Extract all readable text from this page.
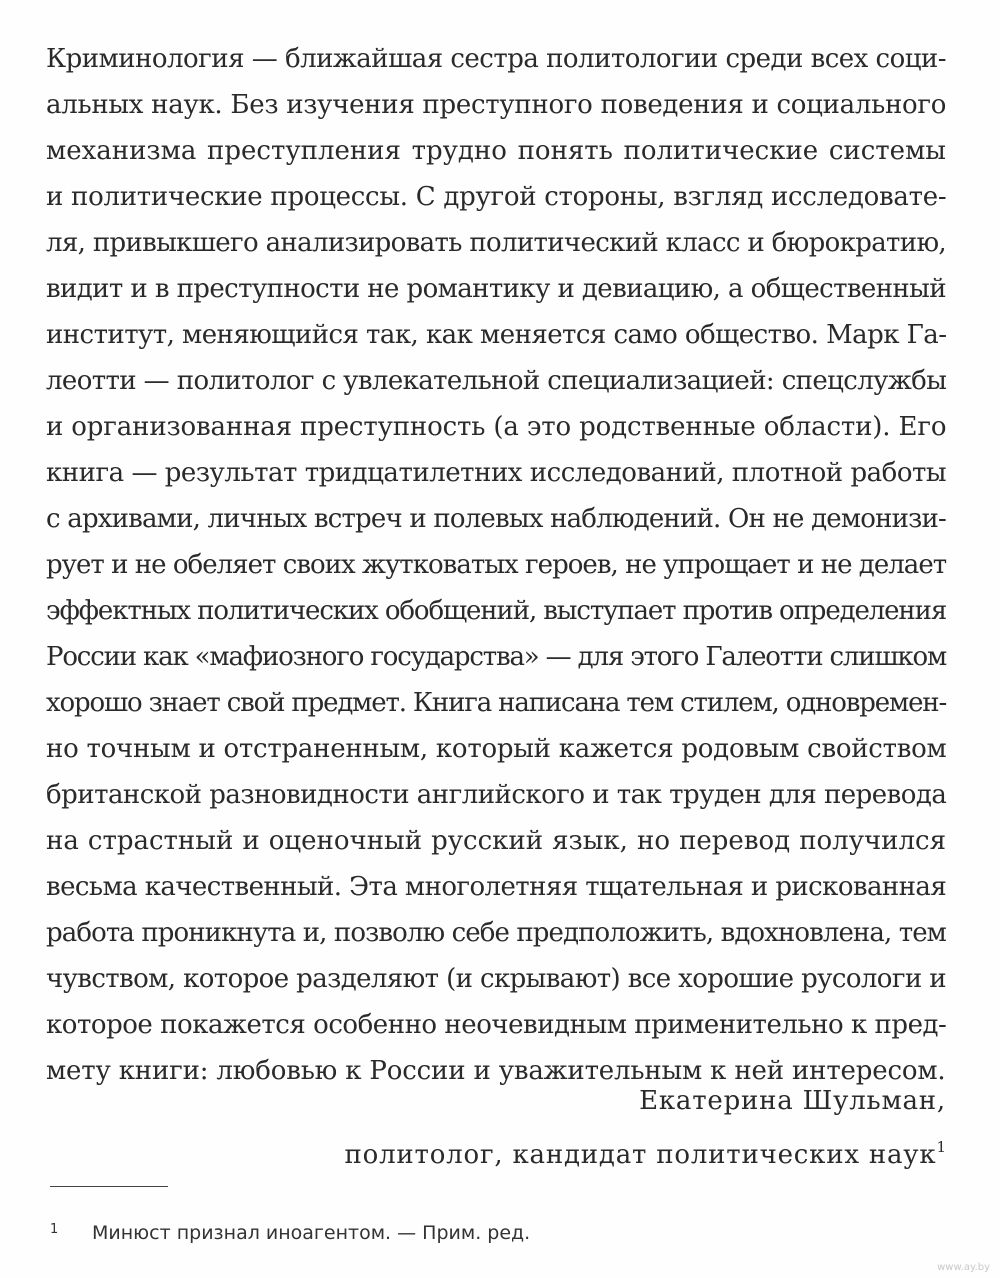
Криминология — ближайшая сестра политологии среди всех соци-
альных наук. Без изучения преступного поведения и социального
механизма преступления трудно понять политические системы
и политические процессы. С другой стороны, взгляд исследовате-
ля, привыкшего анализировать политический класс и бюрократию,
видит и в преступности не романтику и девиацию, а общественный
институт, меняющийся так, как меняется само общество. Марк Га-
леотти — политолог с увлекательной специализацией: спецслужбы
и организованная преступность (а это родственные области). Его
книга — результат тридцатилетних исследований, плотной работы
с архивами, личных встреч и полевых наблюдений. Он не демонизи-
рует и не обеляет своих жутковатых героев, не упрощает и не делает
эффектных политических обобщений, выступает против определения
России как «мафиозного государства» — для этого Галеотти слишком
хорошо знает свой предмет. Книга написана тем стилем, одновремен-
но точным и отстраненным, который кажется родовым свойством
британской разновидности английского и так труден для перевода
на страстный и оценочный русский язык, но перевод получился
весьма качественный. Эта многолетняя тщательная и рискованная
работа проникнута и, позволю себе предположить, вдохновлена, тем
чувством, которое разделяют (и скрывают) все хорошие русологи и
которое покажется особенно неочевидным применительно к пред-
мету книги: любовью к России и уважительным к ней интересом.
Екатерина Шульман,
политолог, кандидат политических наук$^1$
1 Минюст признал иноагентом. — Прим. ред.
www.ay.by
